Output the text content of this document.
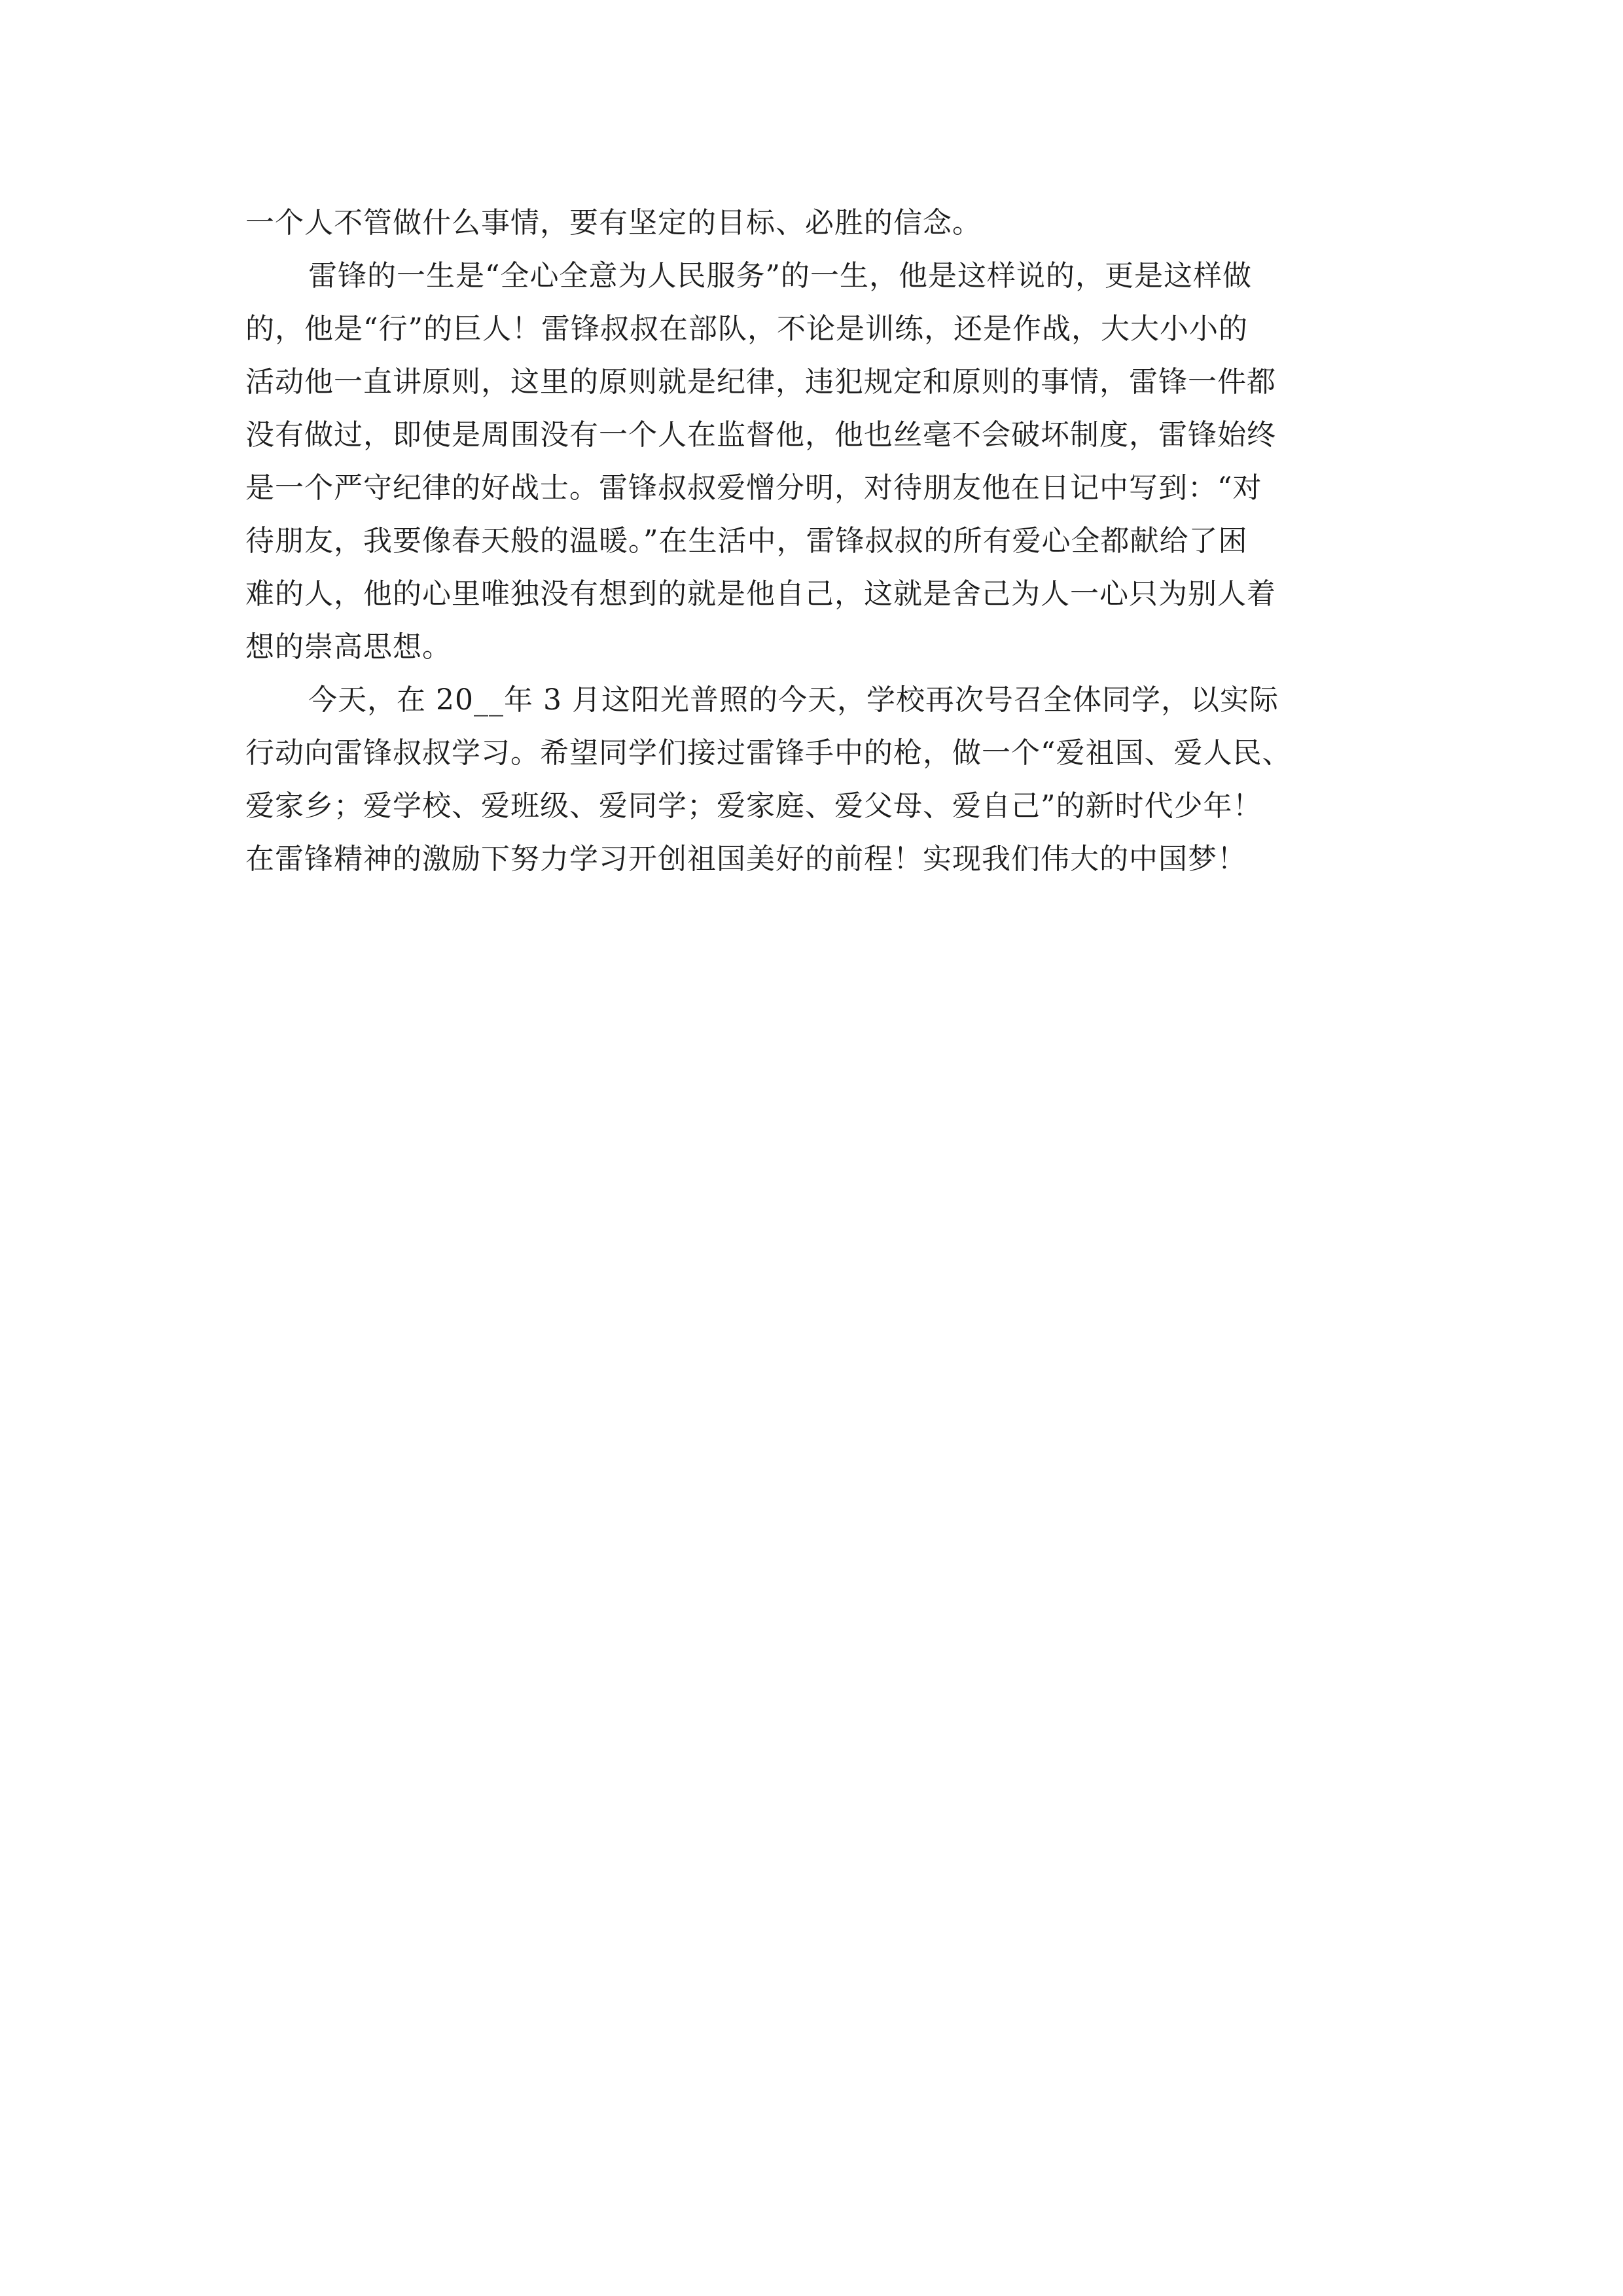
一个人不管做什么事情，要有坚定的目标、必胜的信念。

雷锋的一生是“全心全意为人民服务”的一生，他是这样说的，更是这样做
的，他是“行”的巨人！雷锋叔叔在部队，不论是训练，还是作战，大大小小的
活动他一直讲原则，这里的原则就是纪律，违犯规定和原则的事情，雷锋一件都
没有做过，即使是周围没有一个人在监督他，他也丝毫不会破坏制度，雷锋始终
是一个严守纪律的好战士。雷锋叔叔爱憎分明，对待朋友他在日记中写到：“对
待朋友，我要像春天般的温暖。”在生活中，雷锋叔叔的所有爱心全都献给了困
难的人，他的心里唯独没有想到的就是他自己，这就是舍己为人一心只为别人着
想的崇高思想。

今天，在 20__年 3 月这阳光普照的今天，学校再次号召全体同学，以实际
行动向雷锋叔叔学习。希望同学们接过雷锋手中的枪，做一个“爱祖国、爱人民、
爱家乡；爱学校、爱班级、爱同学；爱家庭、爱父母、爱自己”的新时代少年！
在雷锋精神的激励下努力学习开创祖国美好的前程！实现我们伟大的中国梦！
